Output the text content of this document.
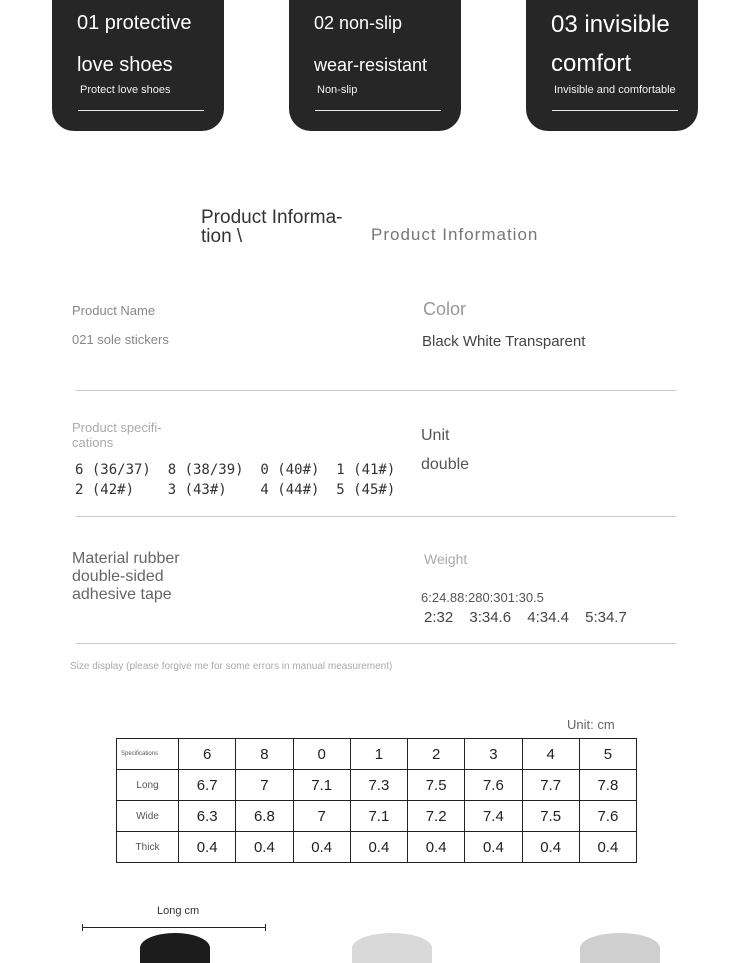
01 protective
love shoes
Protect love shoes
02 non-slip
wear-resistant
Non-slip
03 invisible
comfort
Invisible and comfortable
Product Informa-tion \	Product Information
Product Name
021 sole stickers
Color
Black White Transparent
Product specifi-cations
6 (36/37)  8 (38/39)  0 (40#)  1 (41#)
2 (42#)    3 (43#)    4 (44#)  5 (45#)
Unit
double
Material rubber double-sided adhesive tape
Weight
6:24.88:280:301:30.5
2:32 3:34.6 4:34.4 5:34.7
Size display (please forgive me for some errors in manual measurement)
Unit: cm
Specifications	6	8	0	1	2	3	4	5
Long	6.7	7	7.1	7.3	7.5	7.6	7.7	7.8
Wide	6.3	6.8	7	7.1	7.2	7.4	7.5	7.6
Thick	0.4	0.4	0.4	0.4	0.4	0.4	0.4	0.4
Long cm
